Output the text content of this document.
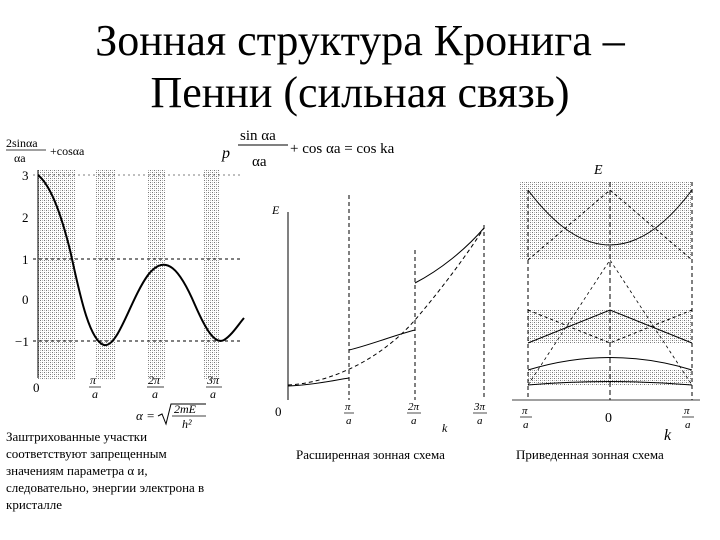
Зонная структура Кронига –
Пенни (сильная связь)
p
sin αa
αa
+ cos αa = cos ka
2sinαa
αa +cosαa
3
2
1
0
−1
0	π
a
2π
a
3π
a
α = 2mE
h²
E
0	π
a
2π
a
3π
a
k
E
π
a	0	π
a
k
Заштрихованные участки
соответствуют запрещенным
значениям параметра α и,
следовательно, энергии электрона в
кристалле
Расширенная зонная схема	Приведенная зонная схема
